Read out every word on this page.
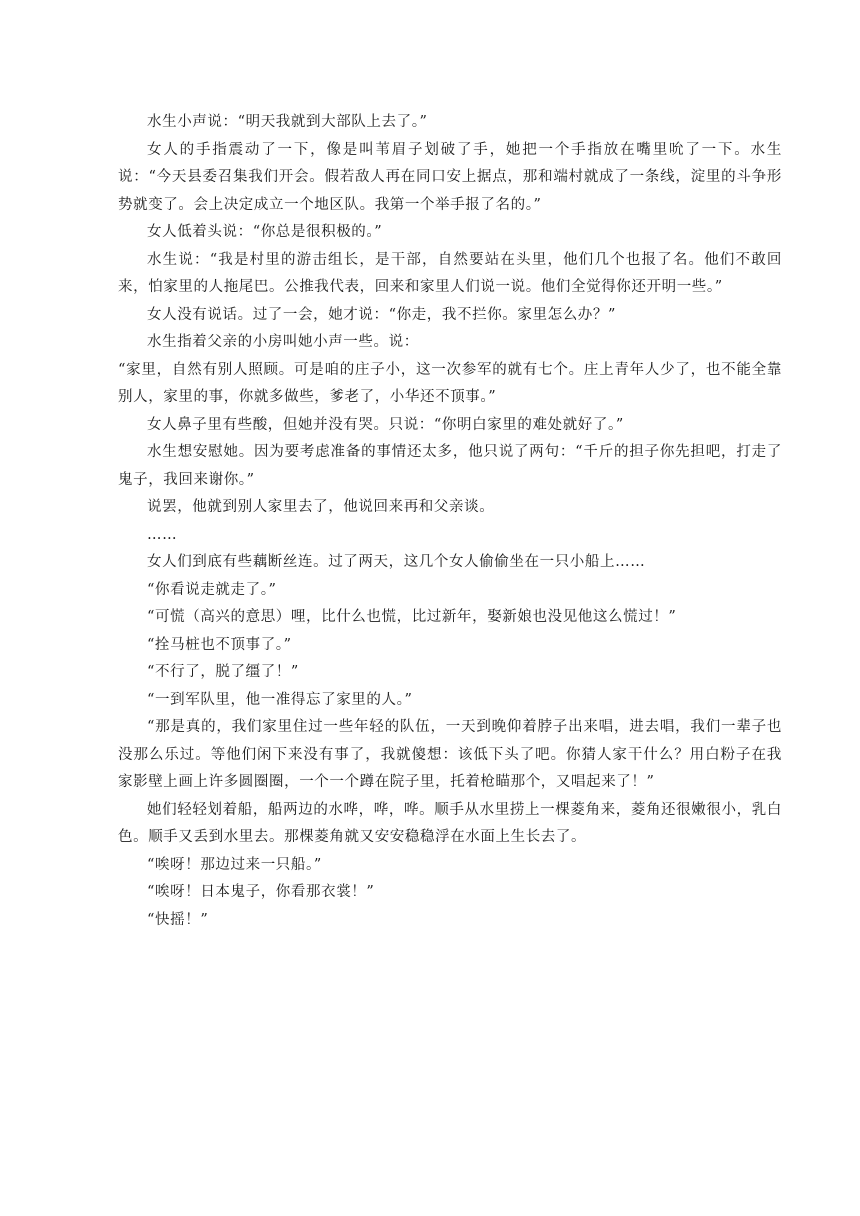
水生小声说：“明天我就到大部队上去了。”

女人的手指震动了一下，像是叫苇眉子划破了手，她把一个手指放在嘴里吮了一下。水生说：“今天县委召集我们开会。假若敌人再在同口安上据点，那和端村就成了一条线，淀里的斗争形势就变了。会上决定成立一个地区队。我第一个举手报了名的。”

女人低着头说：“你总是很积极的。”

水生说：“我是村里的游击组长，是干部，自然要站在头里，他们几个也报了名。他们不敢回来，怕家里的人拖尾巴。公推我代表，回来和家里人们说一说。他们全觉得你还开明一些。”

女人没有说话。过了一会，她才说：“你走，我不拦你。家里怎么办？”

水生指着父亲的小房叫她小声一些。说：

“家里，自然有别人照顾。可是咱的庄子小，这一次参军的就有七个。庄上青年人少了，也不能全靠别人，家里的事，你就多做些，爹老了，小华还不顶事。”

女人鼻子里有些酸，但她并没有哭。只说：“你明白家里的难处就好了。”

水生想安慰她。因为要考虑准备的事情还太多，他只说了两句：“千斤的担子你先担吧，打走了鬼子，我回来谢你。”

说罢，他就到别人家里去了，他说回来再和父亲谈。

……

女人们到底有些藕断丝连。过了两天，这几个女人偷偷坐在一只小船上……

“你看说走就走了。”

“可慌（高兴的意思）哩，比什么也慌，比过新年，娶新娘也没见他这么慌过！”

“拴马桩也不顶事了。”

“不行了，脱了缰了！”

“一到军队里，他一准得忘了家里的人。”

“那是真的，我们家里住过一些年轻的队伍，一天到晚仰着脖子出来唱，进去唱，我们一辈子也没那么乐过。等他们闲下来没有事了，我就傻想：该低下头了吧。你猜人家干什么？用白粉子在我家影壁上画上许多圆圈圈，一个一个蹲在院子里，托着枪瞄那个，又唱起来了！”

她们轻轻划着船，船两边的水哗，哗，哗。顺手从水里捞上一棵菱角来，菱角还很嫩很小，乳白色。顺手又丢到水里去。那棵菱角就又安安稳稳浮在水面上生长去了。

“唉呀！那边过来一只船。”

“唉呀！日本鬼子，你看那衣裳！”

“快摇！”
